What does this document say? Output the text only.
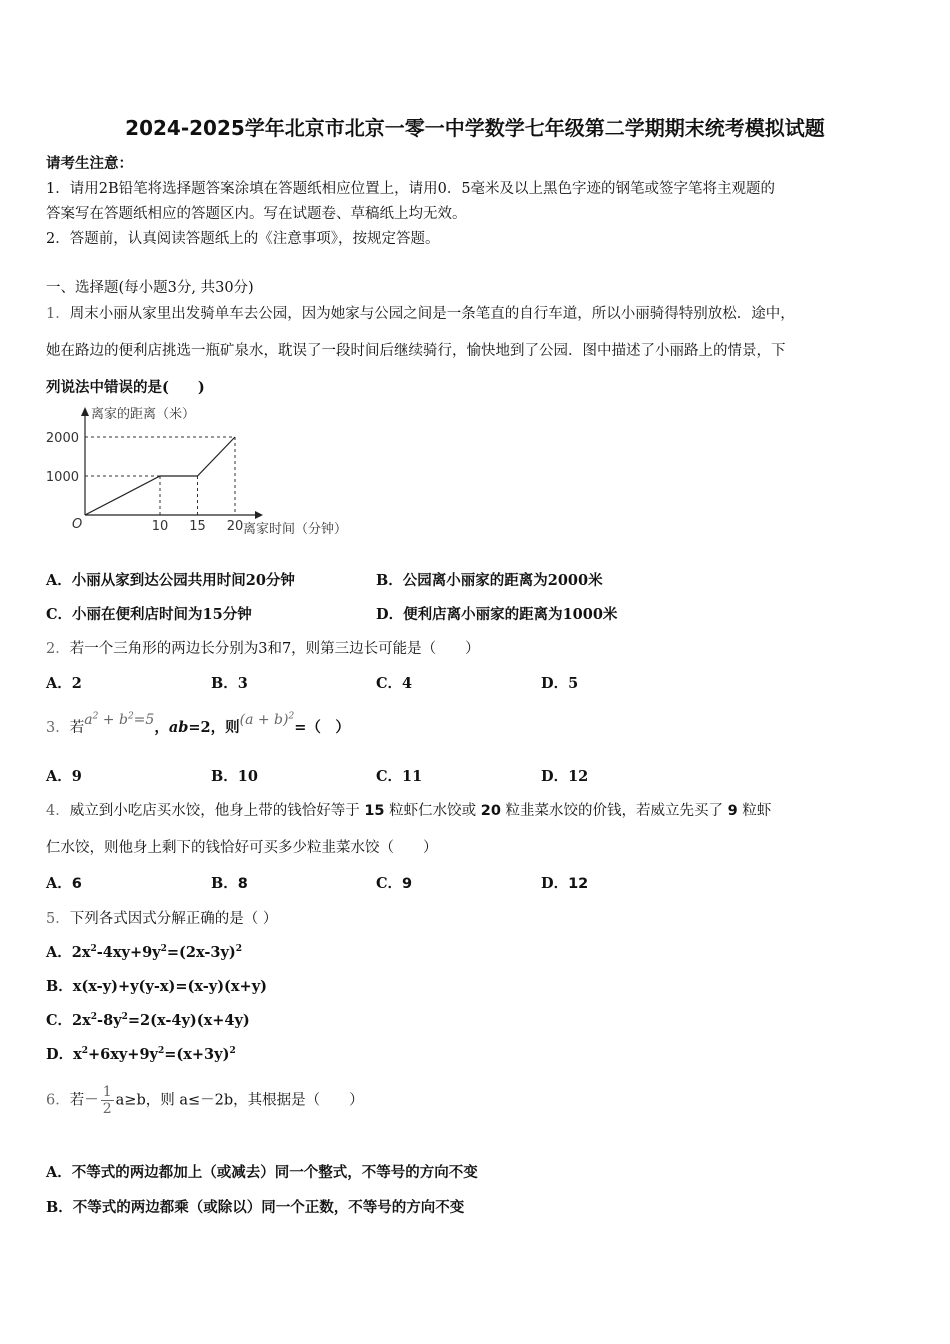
2024-2025学年北京市北京一零一中学数学七年级第二学期期末统考模拟试题
请考生注意：
1．请用2B铅笔将选择题答案涂填在答题纸相应位置上，请用0．5毫米及以上黑色字迹的钢笔或签字笔将主观题的
答案写在答题纸相应的答题区内。写在试题卷、草稿纸上均无效。
2．答题前，认真阅读答题纸上的《注意事项》，按规定答题。
一、选择题(每小题3分, 共30分)
1．周末小丽从家里出发骑单车去公园，因为她家与公园之间是一条笔直的自行车道，所以小丽骑得特别放松．途中，
她在路边的便利店挑选一瓶矿泉水，耽误了一段时间后继续骑行，愉快地到了公园．图中描述了小丽路上的情景，下
列说法中错误的是(　　)
10 15 20
1000
2000
O
离家的距离（米）
离家时间（分钟）
A．小丽从家到达公园共用时间20分钟	B．公园离小丽家的距离为2000米
C．小丽在便利店时间为15分钟	D．便利店离小丽家的距离为1000米
2．若一个三角形的两边长分别为3和7，则第三边长可能是（　　）
A．2	B．3	C．4	D．5
3．若$a^2 + b^2=5$，ab=2，则$(a + b)^2=$（　）
A．9	B．10	C．11	D．12
4．威立到小吃店买水饺，他身上带的钱恰好等于 15 粒虾仁水饺或 20 粒韭菜水饺的价钱，若威立先买了 9 粒虾
仁水饺，则他身上剩下的钱恰好可买多少粒韭菜水饺（　　）
A．6	B．8	C．9	D．12
5．下列各式因式分解正确的是（ ）
A．$2x^2-4xy+9y^2=(2x-3y)^2$
B．x(x-y)+y(y-x)=(x-y)(x+y)
C．$2x^2-8y^2=2(x-4y)(x+4y)$
D．$x^2+6xy+9y^2=(x+3y)^2$
6．若－ $\frac{1}{2} a\ge b$，则 a≤－2b，其根据是（　　）
A．不等式的两边都加上（或减去）同一个整式，不等号的方向不变
B．不等式的两边都乘（或除以）同一个正数，不等号的方向不变
